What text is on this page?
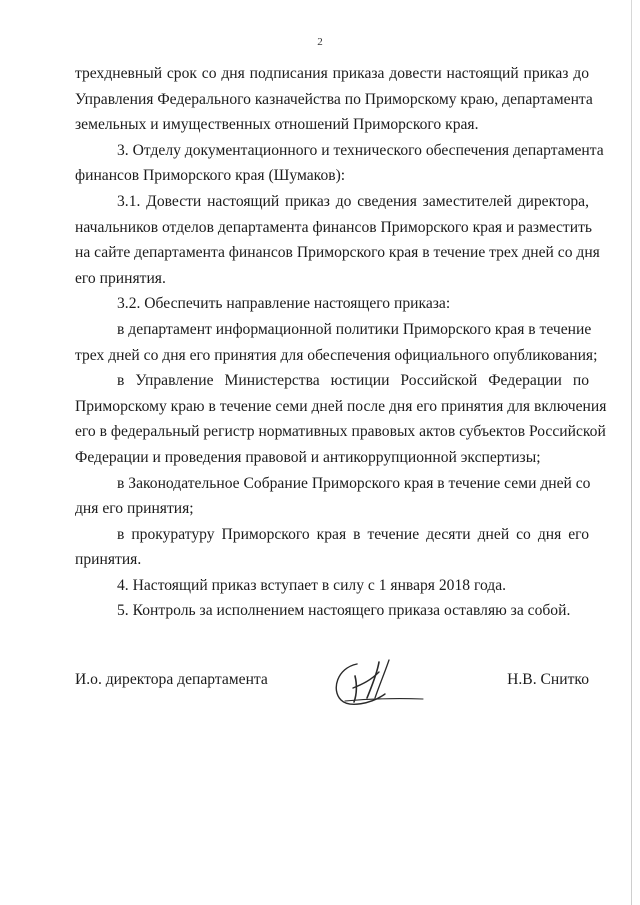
2

трехдневный срок со дня подписания приказа довести настоящий приказ до
Управления Федерального казначейства по Приморскому краю, департамента
земельных и имущественных отношений Приморского края.

3. Отделу документационного и технического обеспечения департамента
финансов Приморского края (Шумаков):

3.1. Довести настоящий приказ до сведения заместителей директора,
начальников отделов департамента финансов Приморского края и разместить
на сайте департамента финансов Приморского края в течение трех дней со дня
его принятия.

3.2. Обеспечить направление настоящего приказа:

в департамент информационной политики Приморского края в течение
трех дней со дня его принятия для обеспечения официального опубликования;

в Управление Министерства юстиции Российской Федерации по
Приморскому краю в течение семи дней после дня его принятия для включения
его в федеральный регистр нормативных правовых актов субъектов Российской
Федерации и проведения правовой и антикоррупционной экспертизы;

в Законодательное Собрание Приморского края в течение семи дней со
дня его принятия;

в прокуратуру Приморского края в течение десяти дней со дня его
принятия.

4. Настоящий приказ вступает в силу с 1 января 2018 года.

5. Контроль за исполнением настоящего приказа оставляю за собой.

И.о. директора департамента	Н.В. Снитко
